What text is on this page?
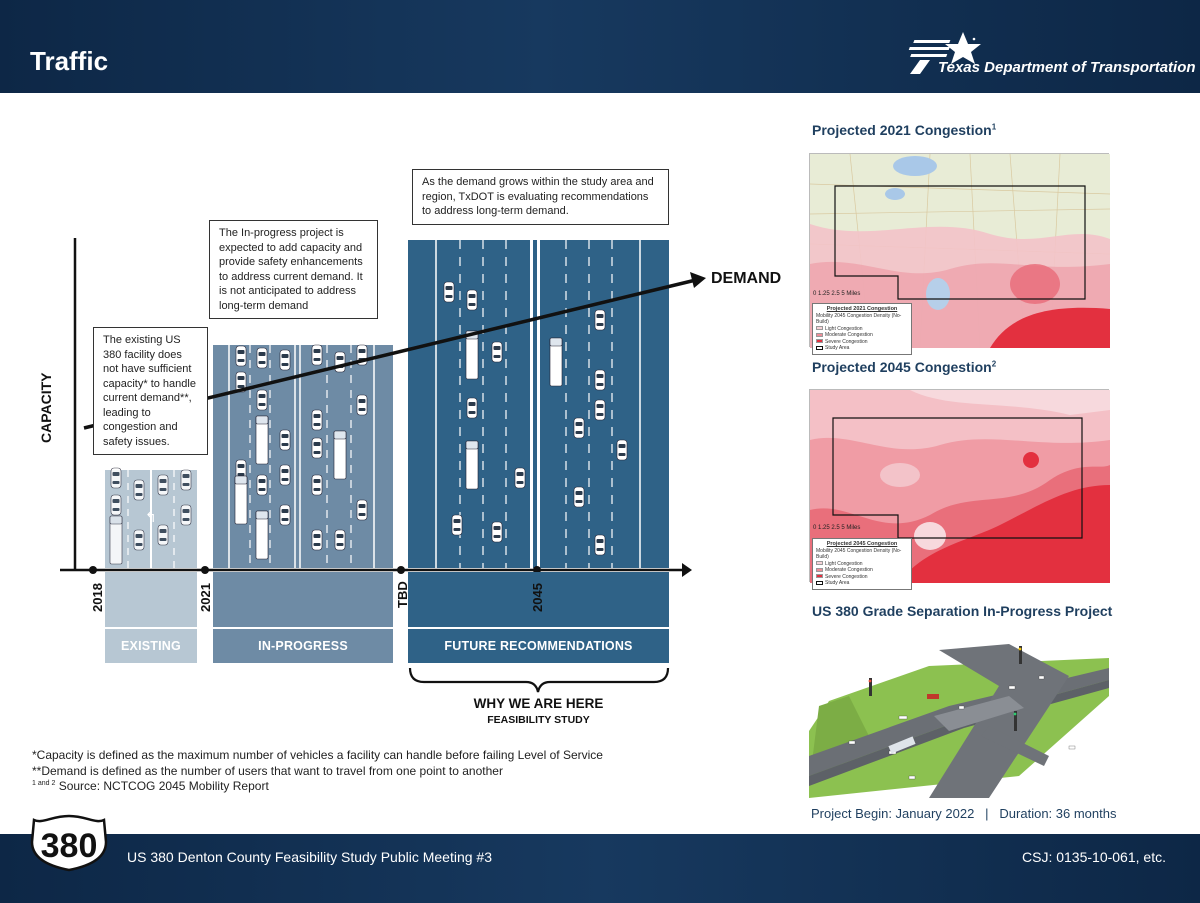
Traffic	Texas Department of Transportation
↰
The existing US 380 facility does not have sufficient capacity* to handle current demand**, leading to congestion and safety issues.
The In-progress project is expected to add capacity and provide safety enhancements to address current demand. It is not anticipated to address long-term demand
As the demand grows within the study area and region, TxDOT is evaluating recommendations to address long-term demand.
CAPACITY
DEMAND
2018	2021	TBD	2045
EXISTING	IN-PROGRESS	FUTURE RECOMMENDATIONS
WHY WE ARE HERE
FEASIBILITY STUDY
*Capacity is defined as the maximum number of vehicles a facility can handle before failing Level of Service
**Demand is defined as the number of users that want to travel from one point to another
$^{1 and 2}$ Source: NCTCOG 2045 Mobility Report
Projected 2021 Congestion$^1$
0 1.25 2.5 5 Miles
Projected 2021 Congestion
Mobility 2045 Congestion Density (No-Build)
Light Congestion
Moderate Congestion
Severe Congestion
Study Area
Projected 2045 Congestion$^2$
0 1.25 2.5 5 Miles
Projected 2045 Congestion
Mobility 2045 Congestion Density (No-Build)
Light Congestion
Moderate Congestion
Severe Congestion
Study Area
US 380 Grade Separation In-Progress Project
Project Begin: January 2022 | Duration: 36 months
380 US 380 Denton County Feasibility Study Public Meeting #3	CSJ: 0135-10-061, etc.
